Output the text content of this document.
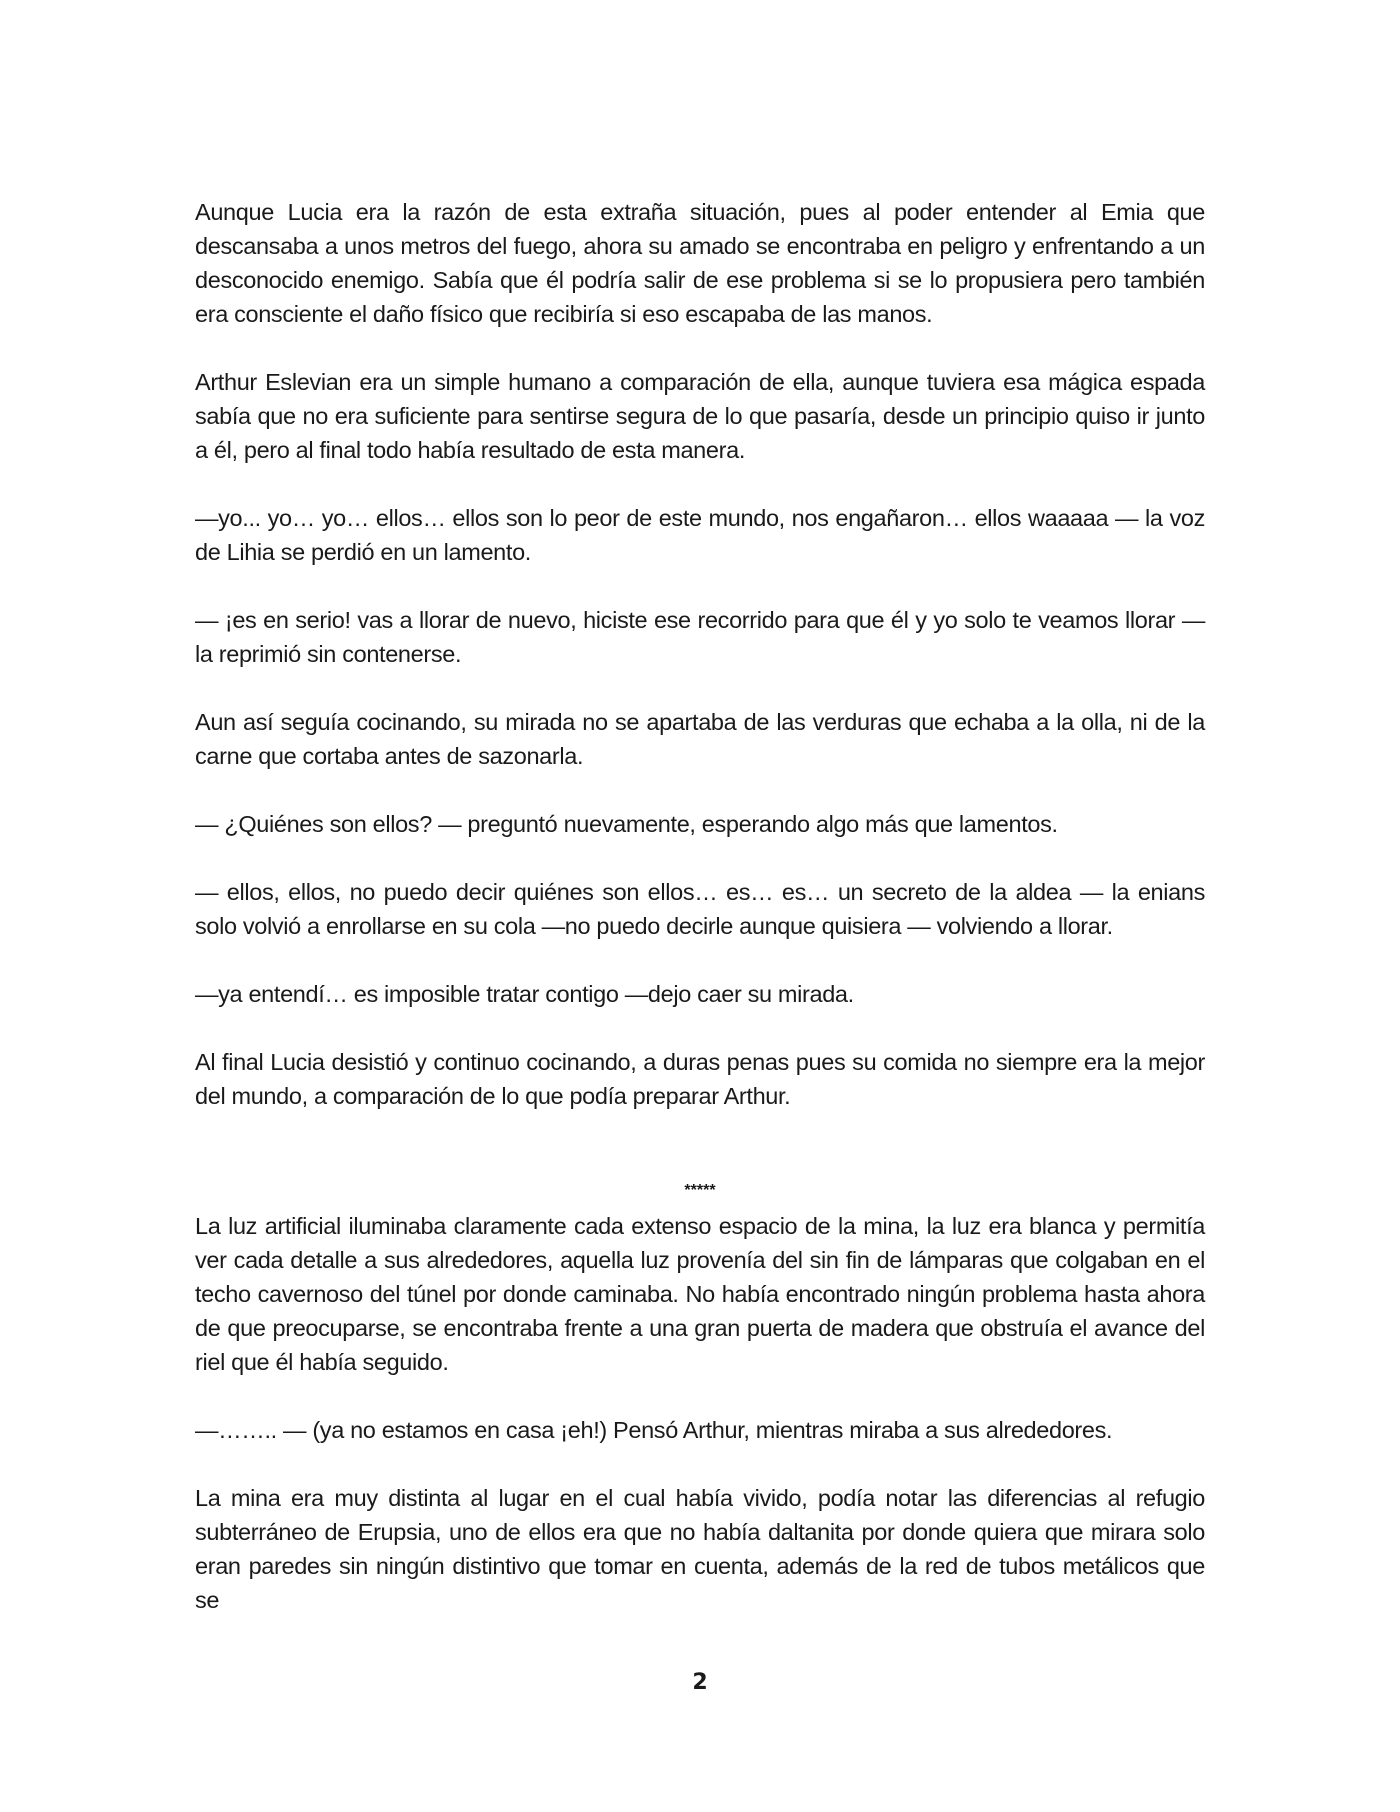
Aunque Lucia era la razón de esta extraña situación, pues al poder entender al Emia que descansaba a unos metros del fuego, ahora su amado se encontraba en peligro y enfrentando a un desconocido enemigo. Sabía que él podría salir de ese problema si se lo propusiera pero también era consciente el daño físico que recibiría si eso escapaba de las manos.

Arthur Eslevian era un simple humano a comparación de ella, aunque tuviera esa mágica espada sabía que no era suficiente para sentirse segura de lo que pasaría, desde un principio quiso ir junto a él, pero al final todo había resultado de esta manera.

—yo... yo… yo… ellos… ellos son lo peor de este mundo, nos engañaron… ellos waaaaa — la voz de Lihia se perdió en un lamento.

— ¡es en serio! vas a llorar de nuevo, hiciste ese recorrido para que él y yo solo te veamos llorar — la reprimió sin contenerse.

Aun así seguía cocinando, su mirada no se apartaba de las verduras que echaba a la olla, ni de la carne que cortaba antes de sazonarla.

— ¿Quiénes son ellos? — preguntó nuevamente, esperando algo más que lamentos.

— ellos, ellos, no puedo decir quiénes son ellos… es… es… un secreto de la aldea — la enians solo volvió a enrollarse en su cola —no puedo decirle aunque quisiera — volviendo a llorar.

—ya entendí… es imposible tratar contigo —dejo caer su mirada.

Al final Lucia desistió y continuo cocinando, a duras penas pues su comida no siempre era la mejor del mundo, a comparación de lo que podía preparar Arthur.

*****

La luz artificial iluminaba claramente cada extenso espacio de la mina, la luz era blanca y permitía ver cada detalle a sus alrededores, aquella luz provenía del sin fin de lámparas que colgaban en el techo cavernoso del túnel por donde caminaba. No había encontrado ningún problema hasta ahora de que preocuparse, se encontraba frente a una gran puerta de madera que obstruía el avance del riel que él había seguido.

—…….. — (ya no estamos en casa ¡eh!) Pensó Arthur, mientras miraba a sus alrededores.

La mina era muy distinta al lugar en el cual había vivido, podía notar las diferencias al refugio subterráneo de Erupsia, uno de ellos era que no había daltanita por donde quiera que mirara solo eran paredes sin ningún distintivo que tomar en cuenta, además de la red de tubos metálicos que se

2
